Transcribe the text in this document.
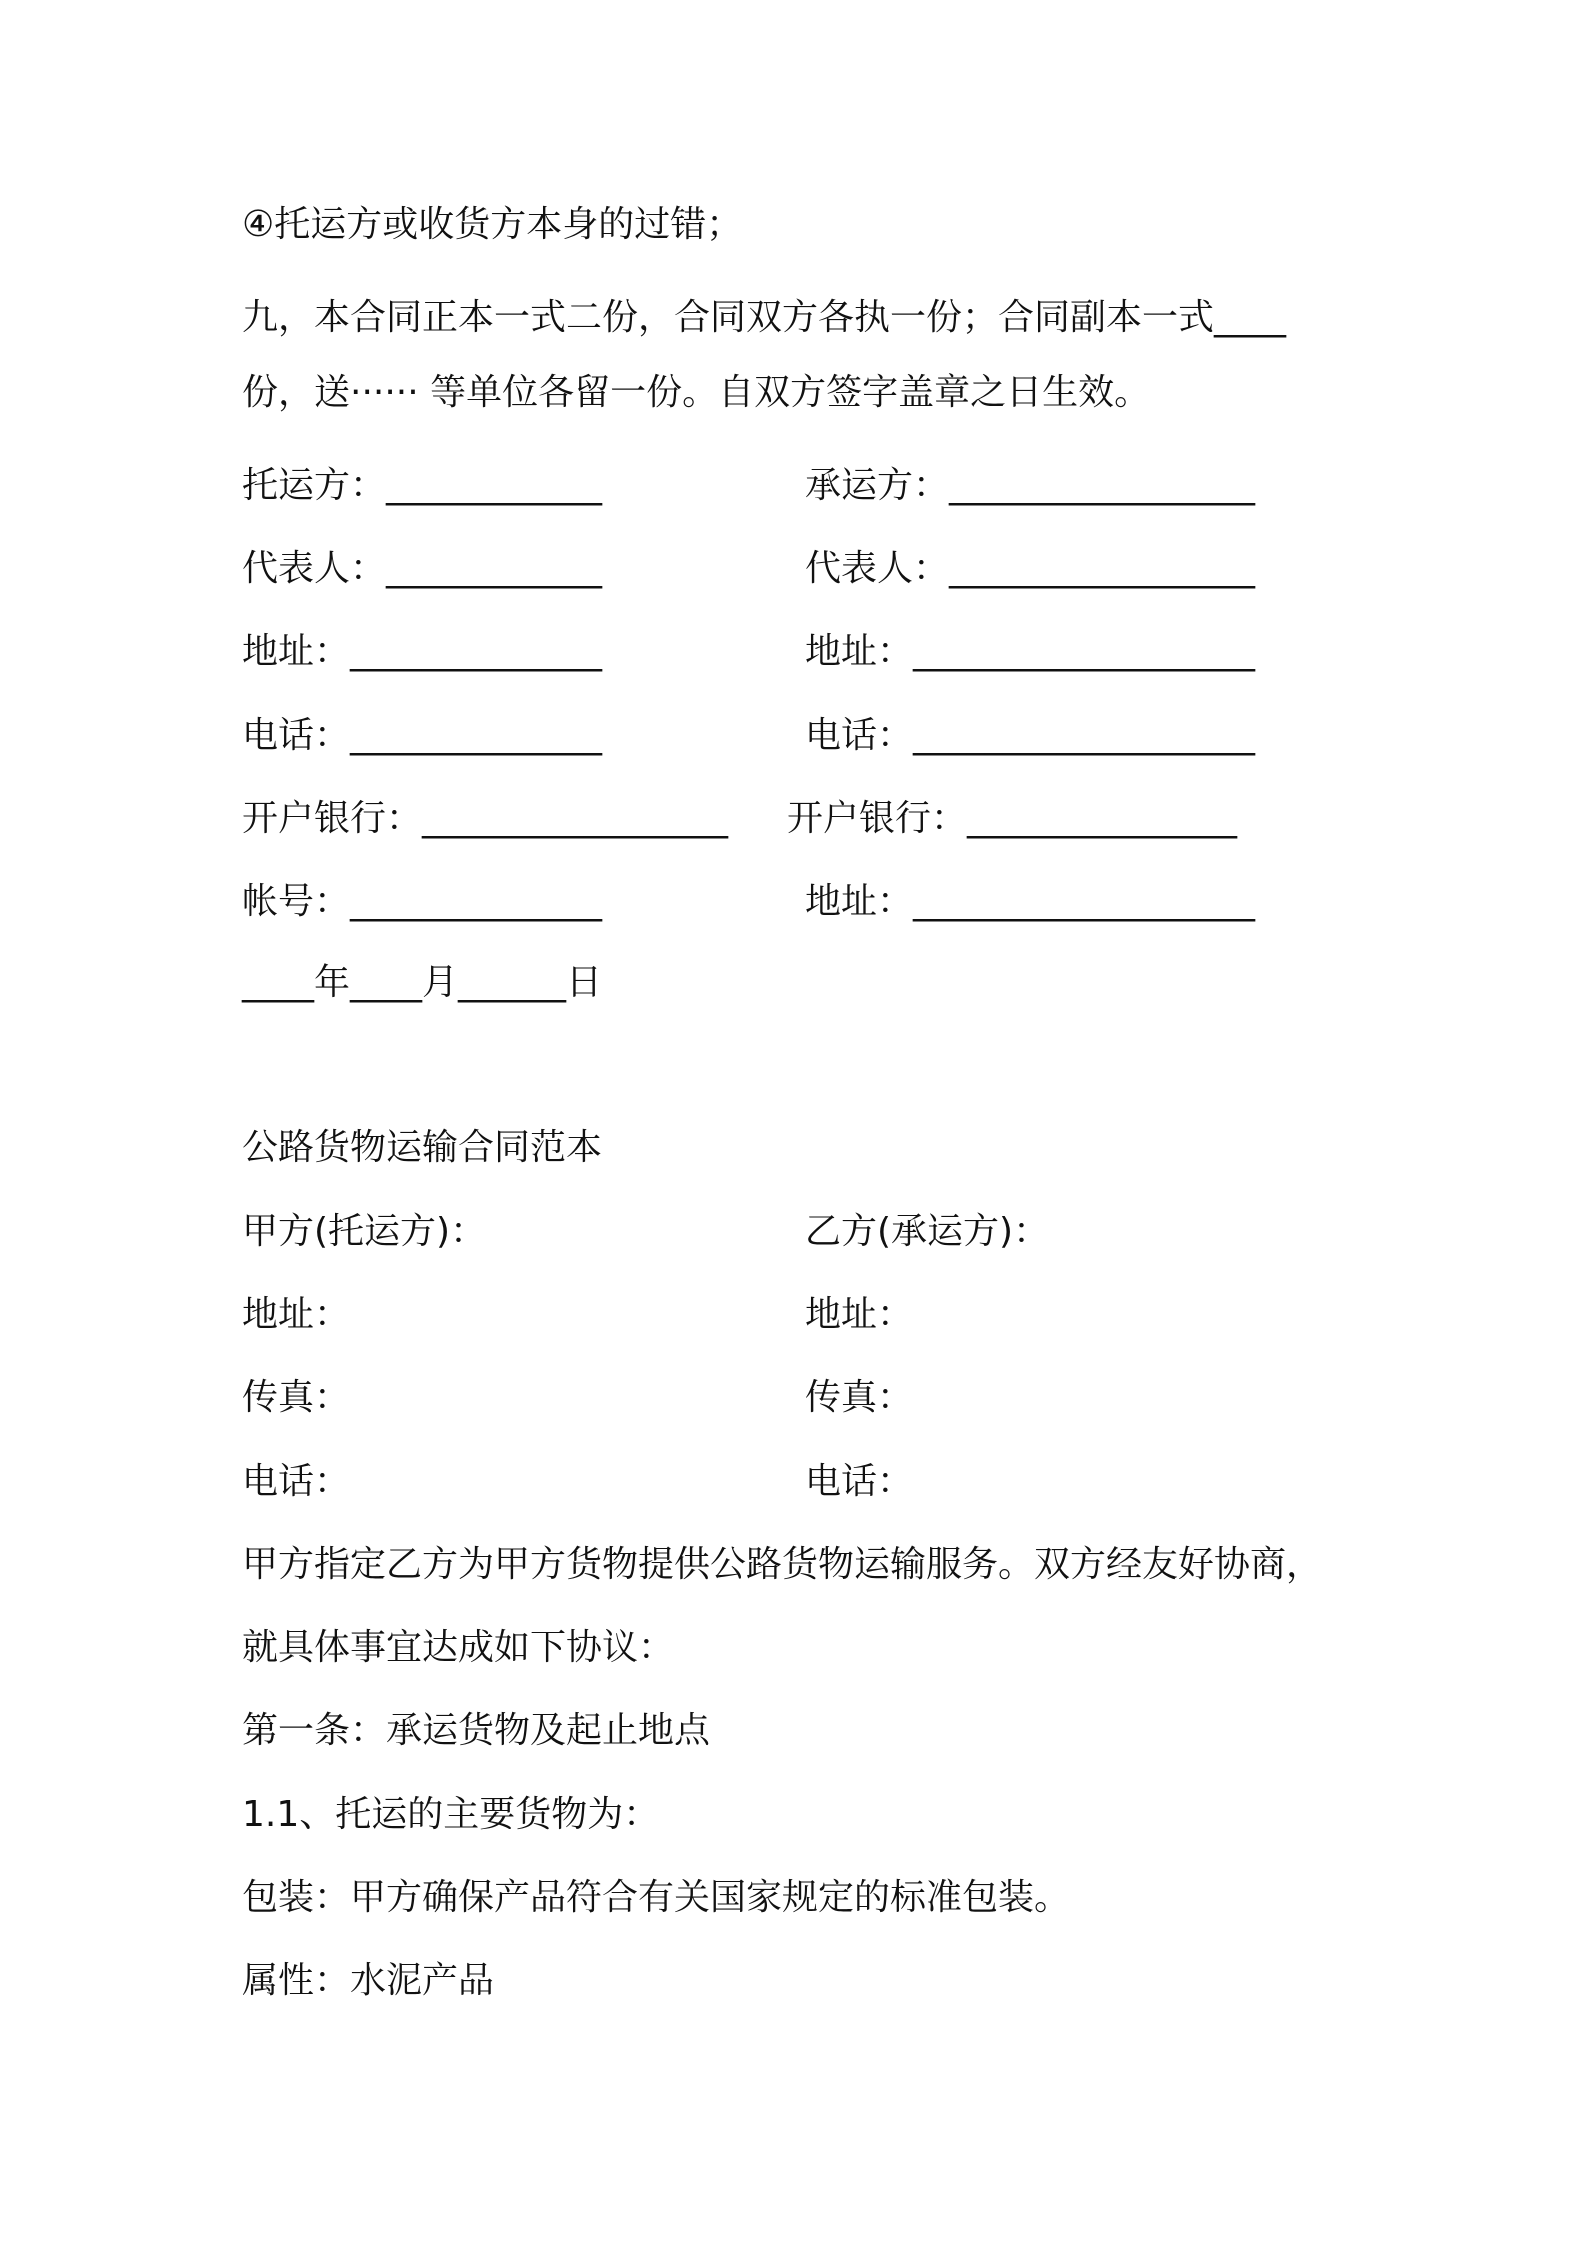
④托运方或收货方本身的过错；
九，本合同正本一式二份，合同双方各执一份；合同副本一式____
份，送······ 等单位各留一份。自双方签字盖章之日生效。
托运方：____________	承运方：_________________
代表人：____________	代表人：_________________
地址：______________	地址：___________________
电话：______________	电话：___________________
开户银行：_________________ 开户银行：_______________
帐号：______________	地址：___________________
____年____月______日
公路货物运输合同范本
甲方(托运方)：	乙方(承运方)：
地址：	地址：
传真：	传真：
电话：	电话：
甲方指定乙方为甲方货物提供公路货物运输服务。双方经友好协商，
就具体事宜达成如下协议：
第一条：承运货物及起止地点
1.1、托运的主要货物为：
包装：甲方确保产品符合有关国家规定的标准包装。
属性：水泥产品
